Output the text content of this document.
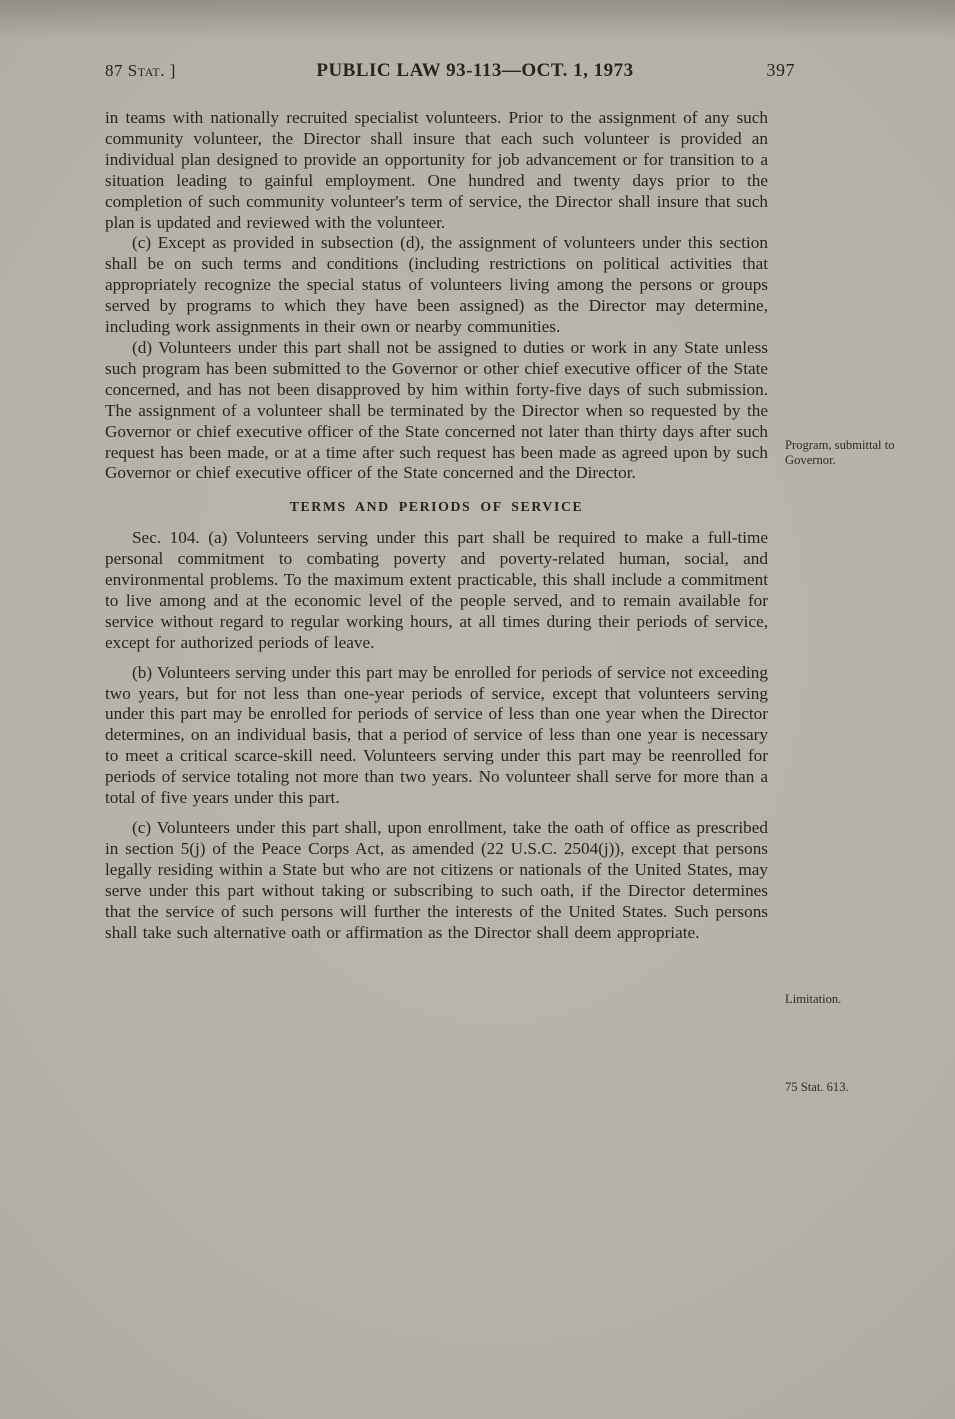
87 Stat. ]	PUBLIC LAW 93-113—OCT. 1, 1973	397

in teams with nationally recruited specialist volunteers. Prior to the assignment of any such community volunteer, the Director shall insure that each such volunteer is provided an individual plan designed to provide an opportunity for job advancement or for transition to a situation leading to gainful employment. One hundred and twenty days prior to the completion of such community volunteer's term of service, the Director shall insure that such plan is updated and reviewed with the volunteer.

(c) Except as provided in subsection (d), the assignment of volunteers under this section shall be on such terms and conditions (including restrictions on political activities that appropriately recognize the special status of volunteers living among the persons or groups served by programs to which they have been assigned) as the Director may determine, including work assignments in their own or nearby communities.

(d) Volunteers under this part shall not be assigned to duties or work in any State unless such program has been submitted to the Governor or other chief executive officer of the State concerned, and has not been disapproved by him within forty-five days of such submission. The assignment of a volunteer shall be terminated by the Director when so requested by the Governor or chief executive officer of the State concerned not later than thirty days after such request has been made, or at a time after such request has been made as agreed upon by such Governor or chief executive officer of the State concerned and the Director.

TERMS AND PERIODS OF SERVICE

Sec. 104. (a) Volunteers serving under this part shall be required to make a full-time personal commitment to combating poverty and poverty-related human, social, and environmental problems. To the maximum extent practicable, this shall include a commitment to live among and at the economic level of the people served, and to remain available for service without regard to regular working hours, at all times during their periods of service, except for authorized periods of leave.

(b) Volunteers serving under this part may be enrolled for periods of service not exceeding two years, but for not less than one-year periods of service, except that volunteers serving under this part may be enrolled for periods of service of less than one year when the Director determines, on an individual basis, that a period of service of less than one year is necessary to meet a critical scarce-skill need. Volunteers serving under this part may be reenrolled for periods of service totaling not more than two years. No volunteer shall serve for more than a total of five years under this part.

(c) Volunteers under this part shall, upon enrollment, take the oath of office as prescribed in section 5(j) of the Peace Corps Act, as amended (22 U.S.C. 2504(j)), except that persons legally residing within a State but who are not citizens or nationals of the United States, may serve under this part without taking or subscribing to such oath, if the Director determines that the service of such persons will further the interests of the United States. Such persons shall take such alternative oath or affirmation as the Director shall deem appropriate.

Program, submittal to Governor.
Limitation.
75 Stat. 613.
